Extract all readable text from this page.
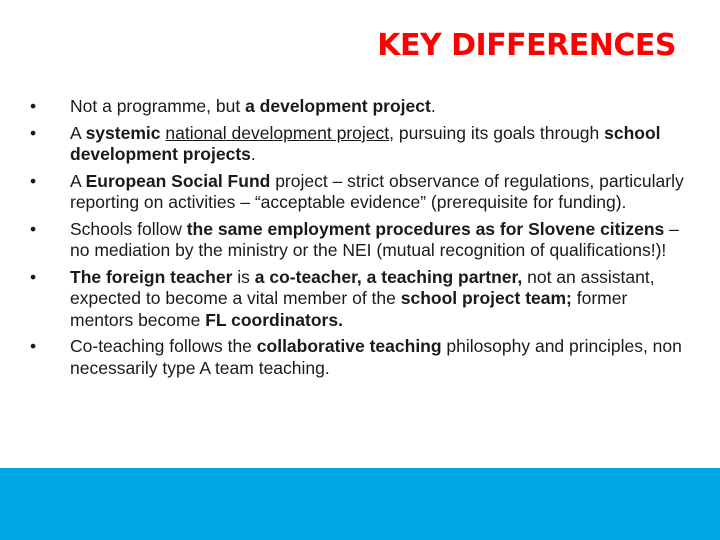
KEY DIFFERENCES
• Not a programme, but a development project.
• A systemic national development project, pursuing its goals through school development projects.
• A European Social Fund project – strict observance of regulations, particularly reporting on activities – “acceptable evidence” (prerequisite for funding).
• Schools follow the same employment procedures as for Slovene citizens – no mediation by the ministry or the NEI (mutual recognition of qualifications!)!
• The foreign teacher is a co-teacher, a teaching partner, not an assistant, expected to become a vital member of the school project team; former mentors become FL coordinators.
• Co-teaching follows the collaborative teaching philosophy and principles, non necessarily type A team teaching.
